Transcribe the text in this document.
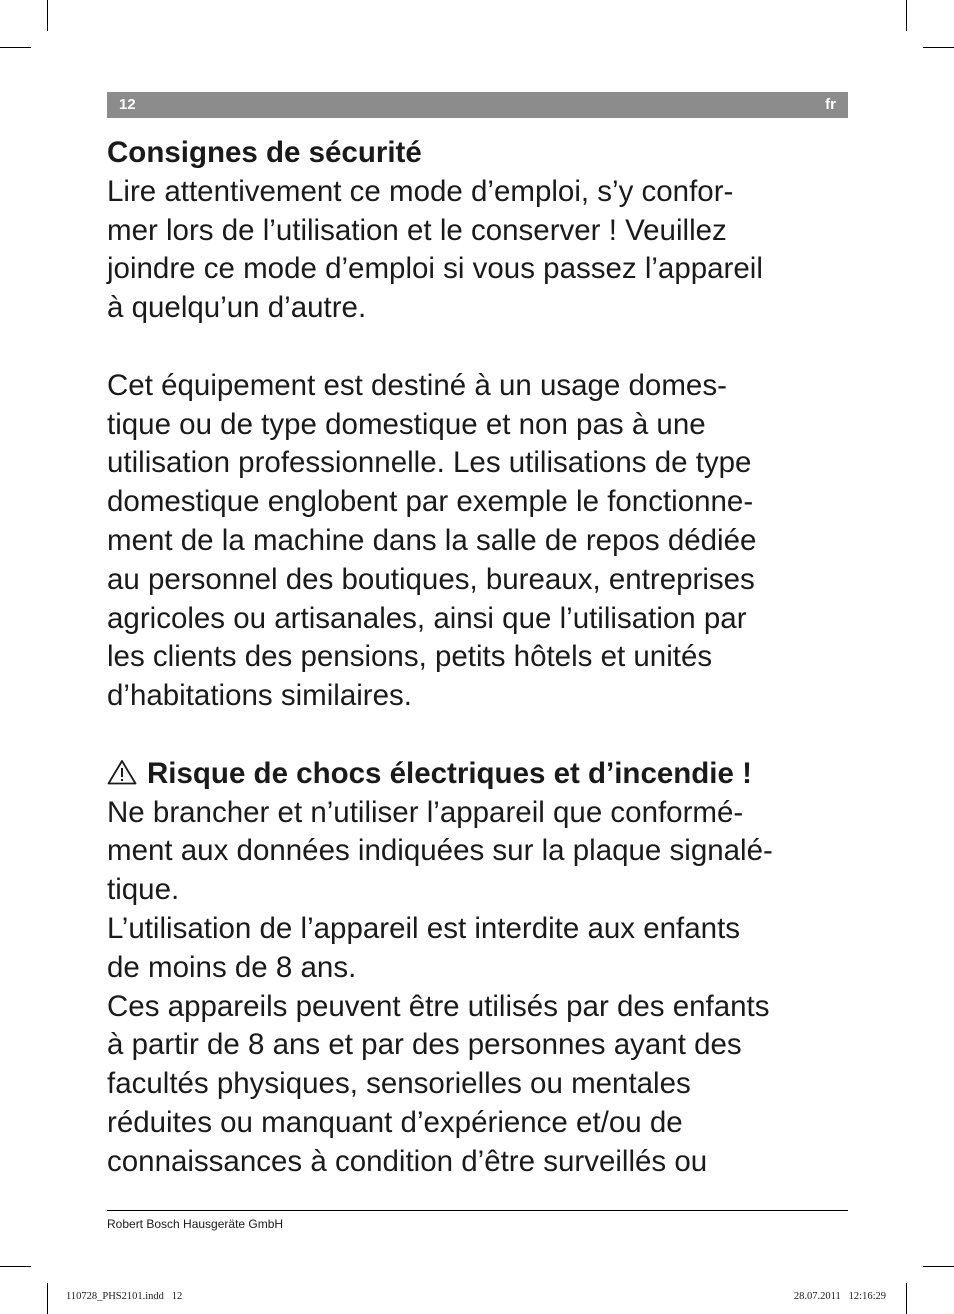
12	fr
Consignes de sécurité
Lire attentivement ce mode d’emploi, s’y confor-
mer lors de l’utilisation et le conserver ! Veuillez
joindre ce mode d’emploi si vous passez l’appareil
à quelqu’un d’autre.
Cet équipement est destiné à un usage domes-
tique ou de type domestique et non pas à une
utilisation professionnelle. Les utilisations de type
domestique englobent par exemple le fonctionne-
ment de la machine dans la salle de repos dédiée
au personnel des boutiques, bureaux, entreprises
agricoles ou artisanales, ainsi que l’utilisation par
les clients des pensions, petits hôtels et unités
d’habitations similaires.
Risque de chocs électriques et d’incendie !
Ne brancher et n’utiliser l’appareil que conformé-
ment aux données indiquées sur la plaque signalé-
tique.
L’utilisation de l’appareil est interdite aux enfants
de moins de 8 ans.
Ces appareils peuvent être utilisés par des enfants
à partir de 8 ans et par des personnes ayant des
facultés physiques, sensorielles ou mentales
réduites ou manquant d’expérience et/ou de
connaissances à condition d’être surveillés ou
Robert Bosch Hausgeräte GmbH
110728_PHS2101.indd   12	28.07.2011   12:16:29
